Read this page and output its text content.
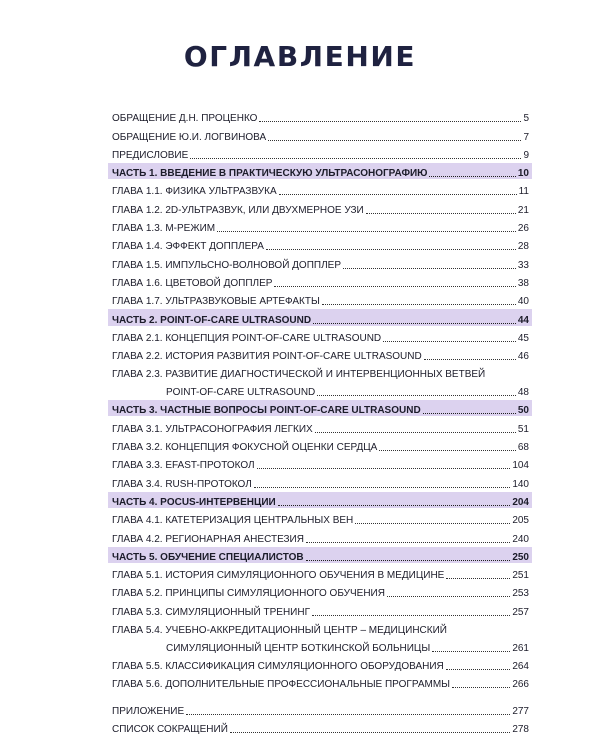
ОГЛАВЛЕНИЕ
ОБРАЩЕНИЕ Д.Н. ПРОЦЕНКО	5
ОБРАЩЕНИЕ Ю.И. ЛОГВИНОВА	7
ПРЕДИСЛОВИЕ	9
ЧАСТЬ 1. ВВЕДЕНИЕ В ПРАКТИЧЕСКУЮ УЛЬТРАСОНОГРАФИЮ	10
ГЛАВА 1.1. ФИЗИКА УЛЬТРАЗВУКА	11
ГЛАВА 1.2. 2D-УЛЬТРАЗВУК, ИЛИ ДВУХМЕРНОЕ УЗИ	21
ГЛАВА 1.3. М-РЕЖИМ	26
ГЛАВА 1.4. ЭФФЕКТ ДОППЛЕРА	28
ГЛАВА 1.5. ИМПУЛЬСНО-ВОЛНОВОЙ ДОППЛЕР	33
ГЛАВА 1.6. ЦВЕТОВОЙ ДОППЛЕР	38
ГЛАВА 1.7. УЛЬТРАЗВУКОВЫЕ АРТЕФАКТЫ	40
ЧАСТЬ 2. POINT-OF-CARE ULTRASOUND	44
ГЛАВА 2.1. КОНЦЕПЦИЯ POINT-OF-CARE ULTRASOUND	45
ГЛАВА 2.2. ИСТОРИЯ РАЗВИТИЯ POINT-OF-CARE ULTRASOUND	46
ГЛАВА 2.3. РАЗВИТИЕ ДИАГНОСТИЧЕСКОЙ И ИНТЕРВЕНЦИОННЫХ ВЕТВЕЙ
POINT-OF-CARE ULTRASOUND	48
ЧАСТЬ 3. ЧАСТНЫЕ ВОПРОСЫ POINT-OF-CARE ULTRASOUND	50
ГЛАВА 3.1. УЛЬТРАСОНОГРАФИЯ ЛЕГКИХ	51
ГЛАВА 3.2. КОНЦЕПЦИЯ ФОКУСНОЙ ОЦЕНКИ СЕРДЦА	68
ГЛАВА 3.3. EFAST-ПРОТОКОЛ	104
ГЛАВА 3.4. RUSH-ПРОТОКОЛ	140
ЧАСТЬ 4. POCUS-ИНТЕРВЕНЦИИ	204
ГЛАВА 4.1. КАТЕТЕРИЗАЦИЯ ЦЕНТРАЛЬНЫХ ВЕН	205
ГЛАВА 4.2. РЕГИОНАРНАЯ АНЕСТЕЗИЯ	240
ЧАСТЬ 5. ОБУЧЕНИЕ СПЕЦИАЛИСТОВ	250
ГЛАВА 5.1. ИСТОРИЯ СИМУЛЯЦИОННОГО ОБУЧЕНИЯ В МЕДИЦИНЕ	251
ГЛАВА 5.2. ПРИНЦИПЫ СИМУЛЯЦИОННОГО ОБУЧЕНИЯ	253
ГЛАВА 5.3. СИМУЛЯЦИОННЫЙ ТРЕНИНГ	257
ГЛАВА 5.4. УЧЕБНО-АККРЕДИТАЦИОННЫЙ ЦЕНТР – МЕДИЦИНСКИЙ
СИМУЛЯЦИОННЫЙ ЦЕНТР БОТКИНСКОЙ БОЛЬНИЦЫ	261
ГЛАВА 5.5. КЛАССИФИКАЦИЯ СИМУЛЯЦИОННОГО ОБОРУДОВАНИЯ	264
ГЛАВА 5.6. ДОПОЛНИТЕЛЬНЫЕ ПРОФЕССИОНАЛЬНЫЕ ПРОГРАММЫ	266
ПРИЛОЖЕНИЕ	277
СПИСОК СОКРАЩЕНИЙ	278
